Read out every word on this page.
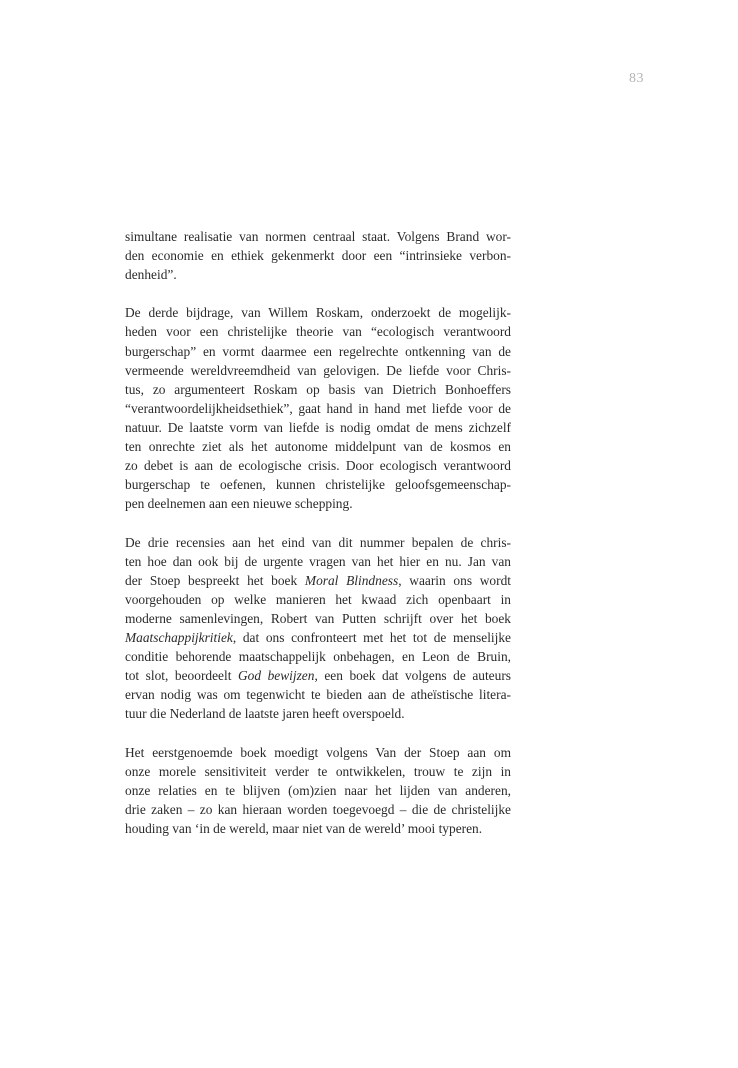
83
simultane realisatie van normen centraal staat. Volgens Brand wor-
den economie en ethiek gekenmerkt door een “intrinsieke verbon-
denheid”.
De derde bijdrage, van Willem Roskam, onderzoekt de mogelijk-
heden voor een christelijke theorie van “ecologisch verantwoord
burgerschap” en vormt daarmee een regelrechte ontkenning van de
vermeende wereldvreemdheid van gelovigen. De liefde voor Chris-
tus, zo argumenteert Roskam op basis van Dietrich Bonhoeffers
“verantwoordelijkheidsethiek”, gaat hand in hand met liefde voor de
natuur. De laatste vorm van liefde is nodig omdat de mens zichzelf
ten onrechte ziet als het autonome middelpunt van de kosmos en
zo debet is aan de ecologische crisis. Door ecologisch verantwoord
burgerschap te oefenen, kunnen christelijke geloofsgemeenschap-
pen deelnemen aan een nieuwe schepping.
De drie recensies aan het eind van dit nummer bepalen de chris-
ten hoe dan ook bij de urgente vragen van het hier en nu. Jan van
der Stoep bespreekt het boek Moral Blindness, waarin ons wordt
voorgehouden op welke manieren het kwaad zich openbaart in
moderne samenlevingen, Robert van Putten schrijft over het boek
Maatschappijkritiek, dat ons confronteert met het tot de menselijke
conditie behorende maatschappelijk onbehagen, en Leon de Bruin,
tot slot, beoordeelt God bewijzen, een boek dat volgens de auteurs
ervan nodig was om tegenwicht te bieden aan de atheïstische litera-
tuur die Nederland de laatste jaren heeft overspoeld.
Het eerstgenoemde boek moedigt volgens Van der Stoep aan om
onze morele sensitiviteit verder te ontwikkelen, trouw te zijn in
onze relaties en te blijven (om)zien naar het lijden van anderen,
drie zaken – zo kan hieraan worden toegevoegd – die de christelijke
houding van ‘in de wereld, maar niet van de wereld’ mooi typeren.
